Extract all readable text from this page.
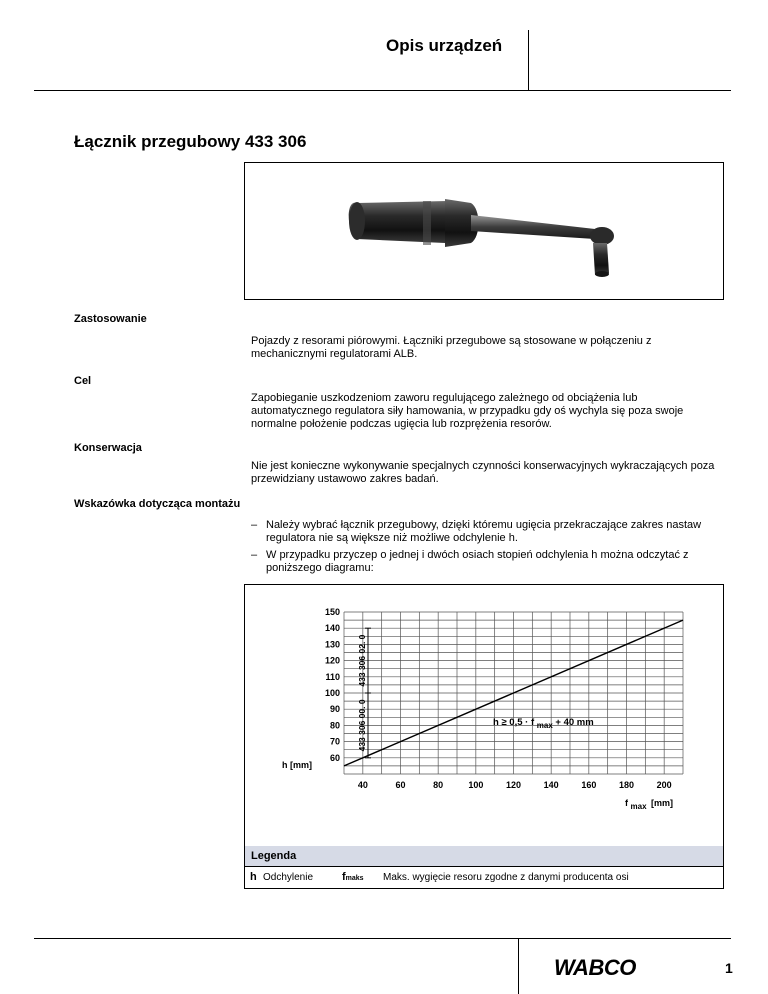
Opis urządzeń
Łącznik przegubowy 433 306
Zastosowanie
Pojazdy z resorami piórowymi. Łączniki przegubowe są stosowane w połączeniu z mechanicznymi regulatorami ALB.
Cel
Zapobieganie uszkodzeniom zaworu regulującego zależnego od obciążenia lub automatycznego regulatora siły hamowania, w przypadku gdy oś wychyla się poza swoje normalne położenie podczas ugięcia lub rozprężenia resorów.
Konserwacja
Nie jest konieczne wykonywanie specjalnych czynności konserwacyjnych wykraczających poza przewidziany ustawowo zakres badań.
Wskazówka dotycząca montażu
– Należy wybrać łącznik przegubowy, dzięki któremu ugięcia przekraczające zakres nastaw regulatora nie są większe niż możliwe odchylenie h.
– W przypadku przyczep o jednej i dwóch osiach stopień odchylenia h można odczytać z poniższego diagramu:
433 306 00. 0
433 306 02. 0
60
70
80
90
100
110
120
130
140
150
40	60	80	100	120	140	160	180	200
h [mm]
f max [mm]
h ≥ 0,5 · f $_{max}$ + 40 mm
Legenda
h Odchylenie	fmaks Maks. wygięcie resoru zgodne z danymi producenta osi
WABCO	1
